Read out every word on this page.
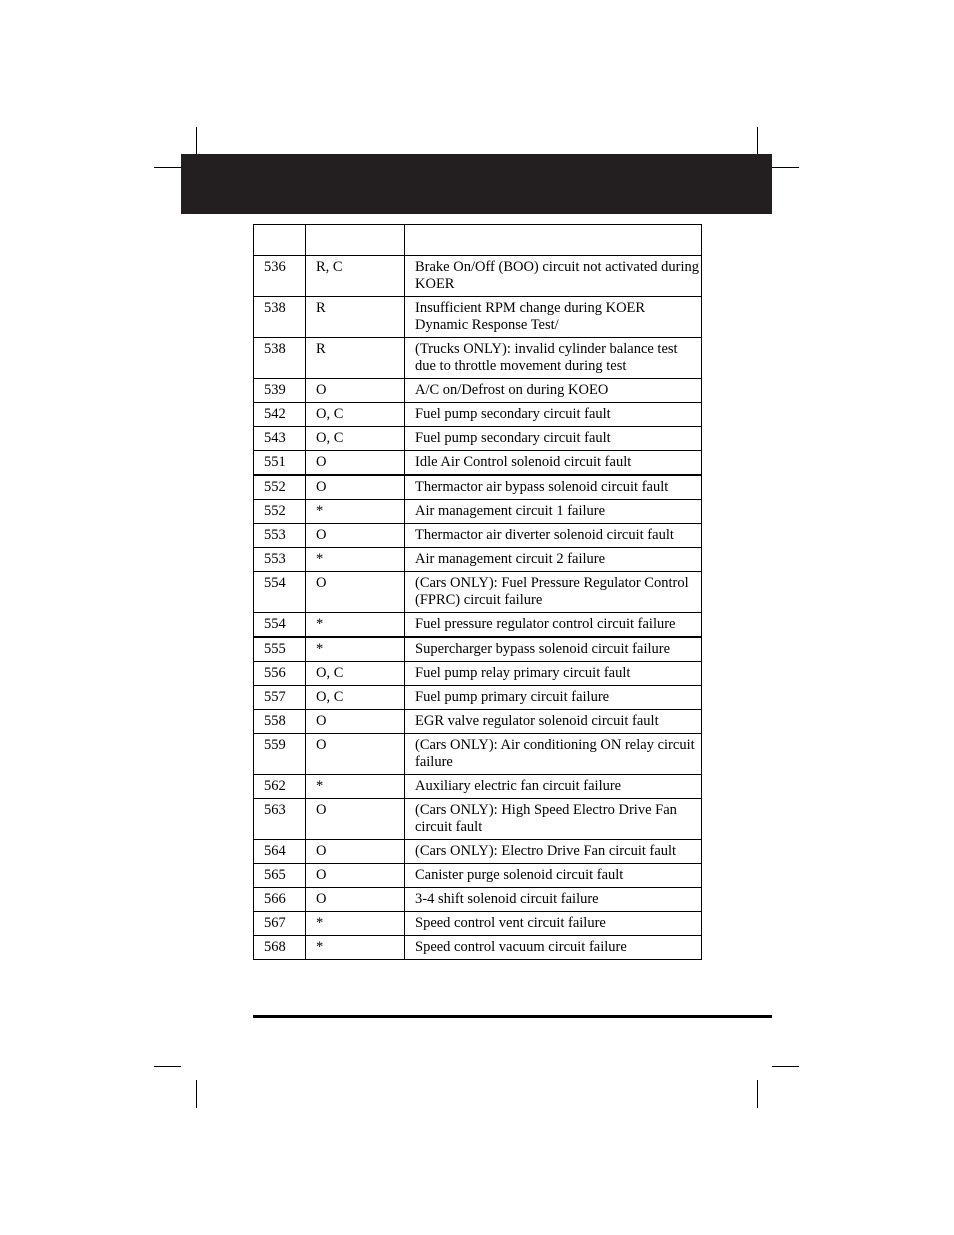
536	R, C	Brake On/Off (BOO) circuit not activated during KOER
538	R	Insufficient RPM change during KOER Dynamic Response Test/
538	R	(Trucks ONLY): invalid cylinder balance test due to throttle movement during test
539	O	A/C on/Defrost on during KOEO
542	O, C	Fuel pump secondary circuit fault
543	O, C	Fuel pump secondary circuit fault
551	O	Idle Air Control solenoid circuit fault
552	O	Thermactor air bypass solenoid circuit fault
552	*	Air management circuit 1 failure
553	O	Thermactor air diverter solenoid circuit fault
553	*	Air management circuit 2 failure
554	O	(Cars ONLY): Fuel Pressure Regulator Control (FPRC) circuit failure
554	*	Fuel pressure regulator control circuit failure
555	*	Supercharger bypass solenoid circuit failure
556	O, C	Fuel pump relay primary circuit fault
557	O, C	Fuel pump primary circuit failure
558	O	EGR valve regulator solenoid circuit fault
559	O	(Cars ONLY): Air conditioning ON relay circuit failure
562	*	Auxiliary electric fan circuit failure
563	O	(Cars ONLY): High Speed Electro Drive Fan circuit fault
564	O	(Cars ONLY): Electro Drive Fan circuit fault
565	O	Canister purge solenoid circuit fault
566	O	3-4 shift solenoid circuit failure
567	*	Speed control vent circuit failure
568	*	Speed control vacuum circuit failure
